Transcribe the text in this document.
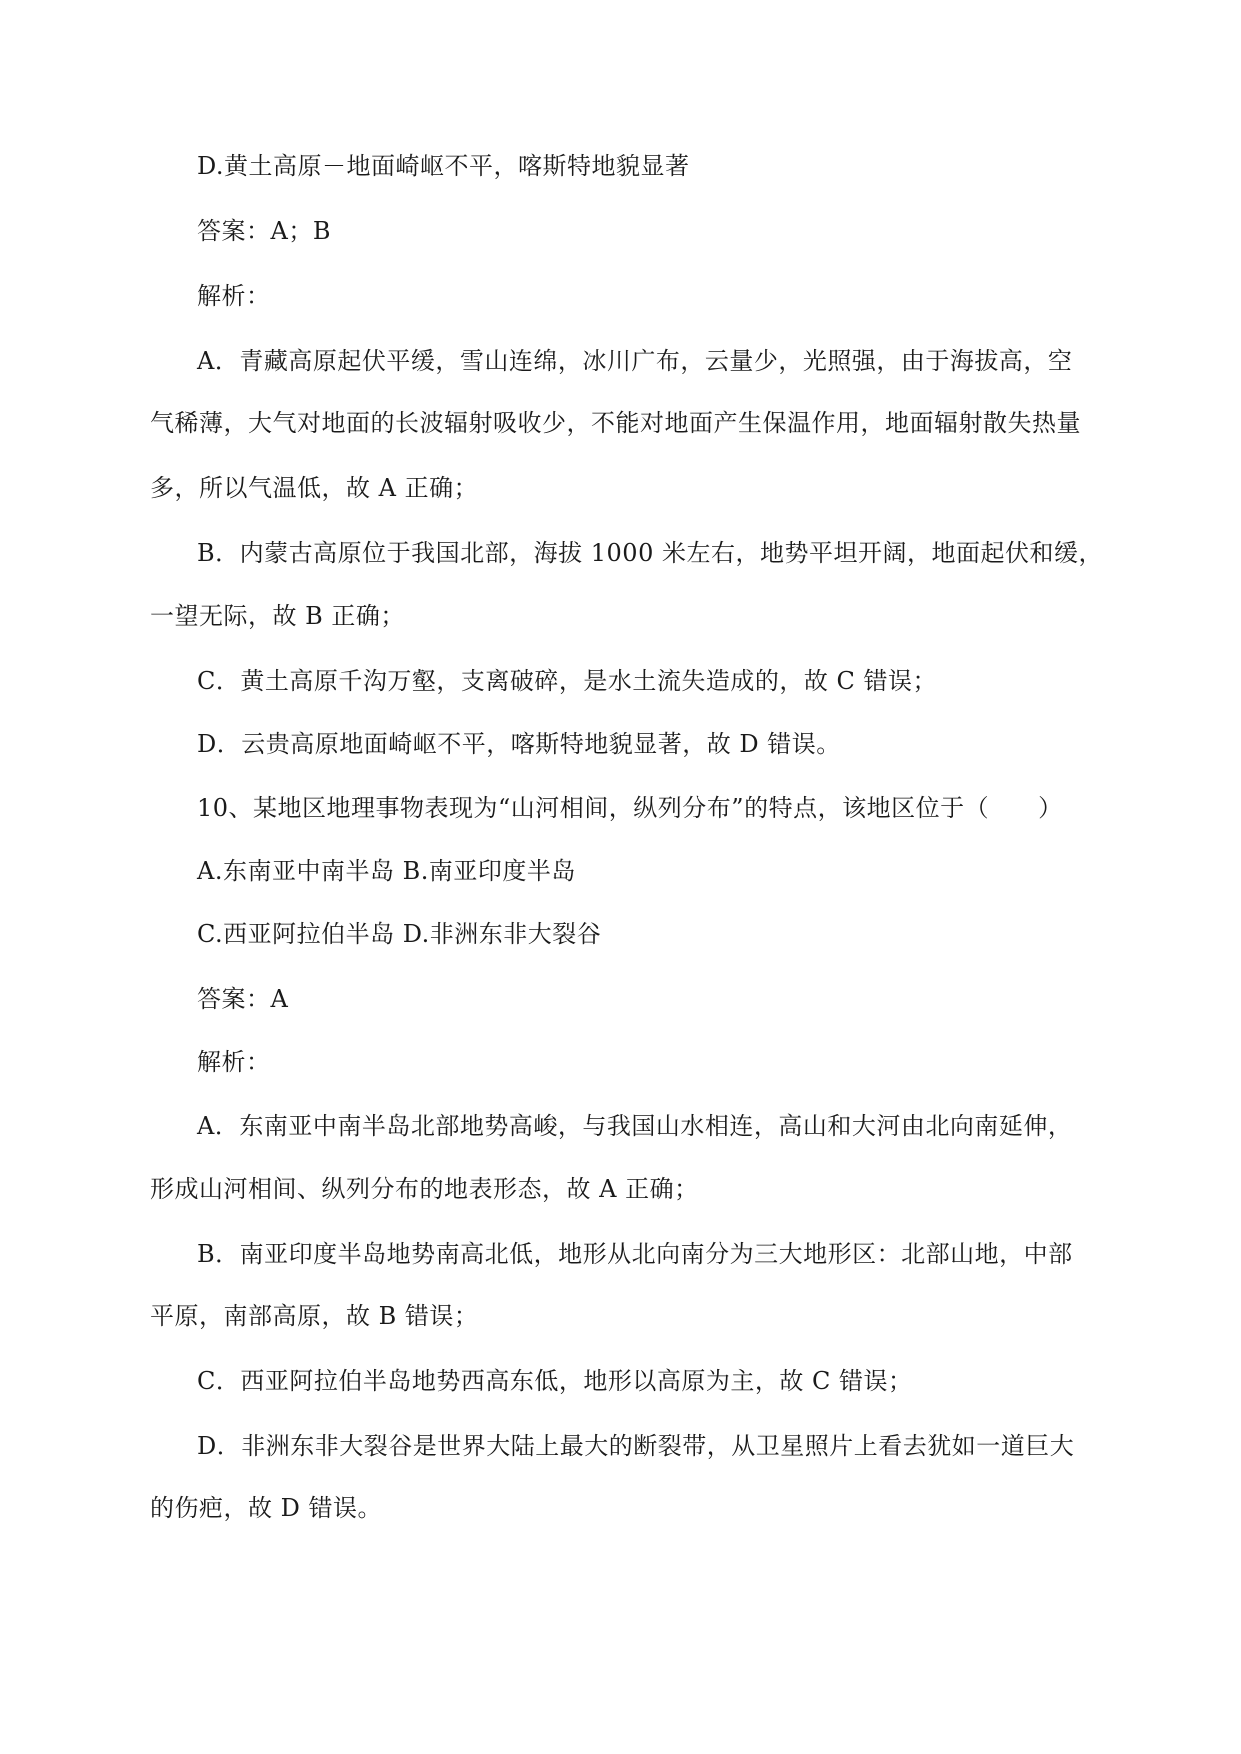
D.黄土高原－地面崎岖不平，喀斯特地貌显著
答案：A；B
解析：
A．青藏高原起伏平缓，雪山连绵，冰川广布，云量少，光照强，由于海拔高，空
气稀薄，大气对地面的长波辐射吸收少，不能对地面产生保温作用，地面辐射散失热量
多，所以气温低，故 A 正确；
B．内蒙古高原位于我国北部，海拔 1000 米左右，地势平坦开阔，地面起伏和缓，
一望无际，故 B 正确；
C．黄土高原千沟万壑，支离破碎，是水土流失造成的，故 C 错误；
D．云贵高原地面崎岖不平，喀斯特地貌显著，故 D 错误。
10、某地区地理事物表现为“山河相间，纵列分布”的特点，该地区位于（　　）
A.东南亚中南半岛 B.南亚印度半岛
C.西亚阿拉伯半岛 D.非洲东非大裂谷
答案：A
解析：
A．东南亚中南半岛北部地势高峻，与我国山水相连，高山和大河由北向南延伸，
形成山河相间、纵列分布的地表形态，故 A 正确；
B．南亚印度半岛地势南高北低，地形从北向南分为三大地形区：北部山地，中部
平原，南部高原，故 B 错误；
C．西亚阿拉伯半岛地势西高东低，地形以高原为主，故 C 错误；
D．非洲东非大裂谷是世界大陆上最大的断裂带，从卫星照片上看去犹如一道巨大
的伤疤，故 D 错误。
